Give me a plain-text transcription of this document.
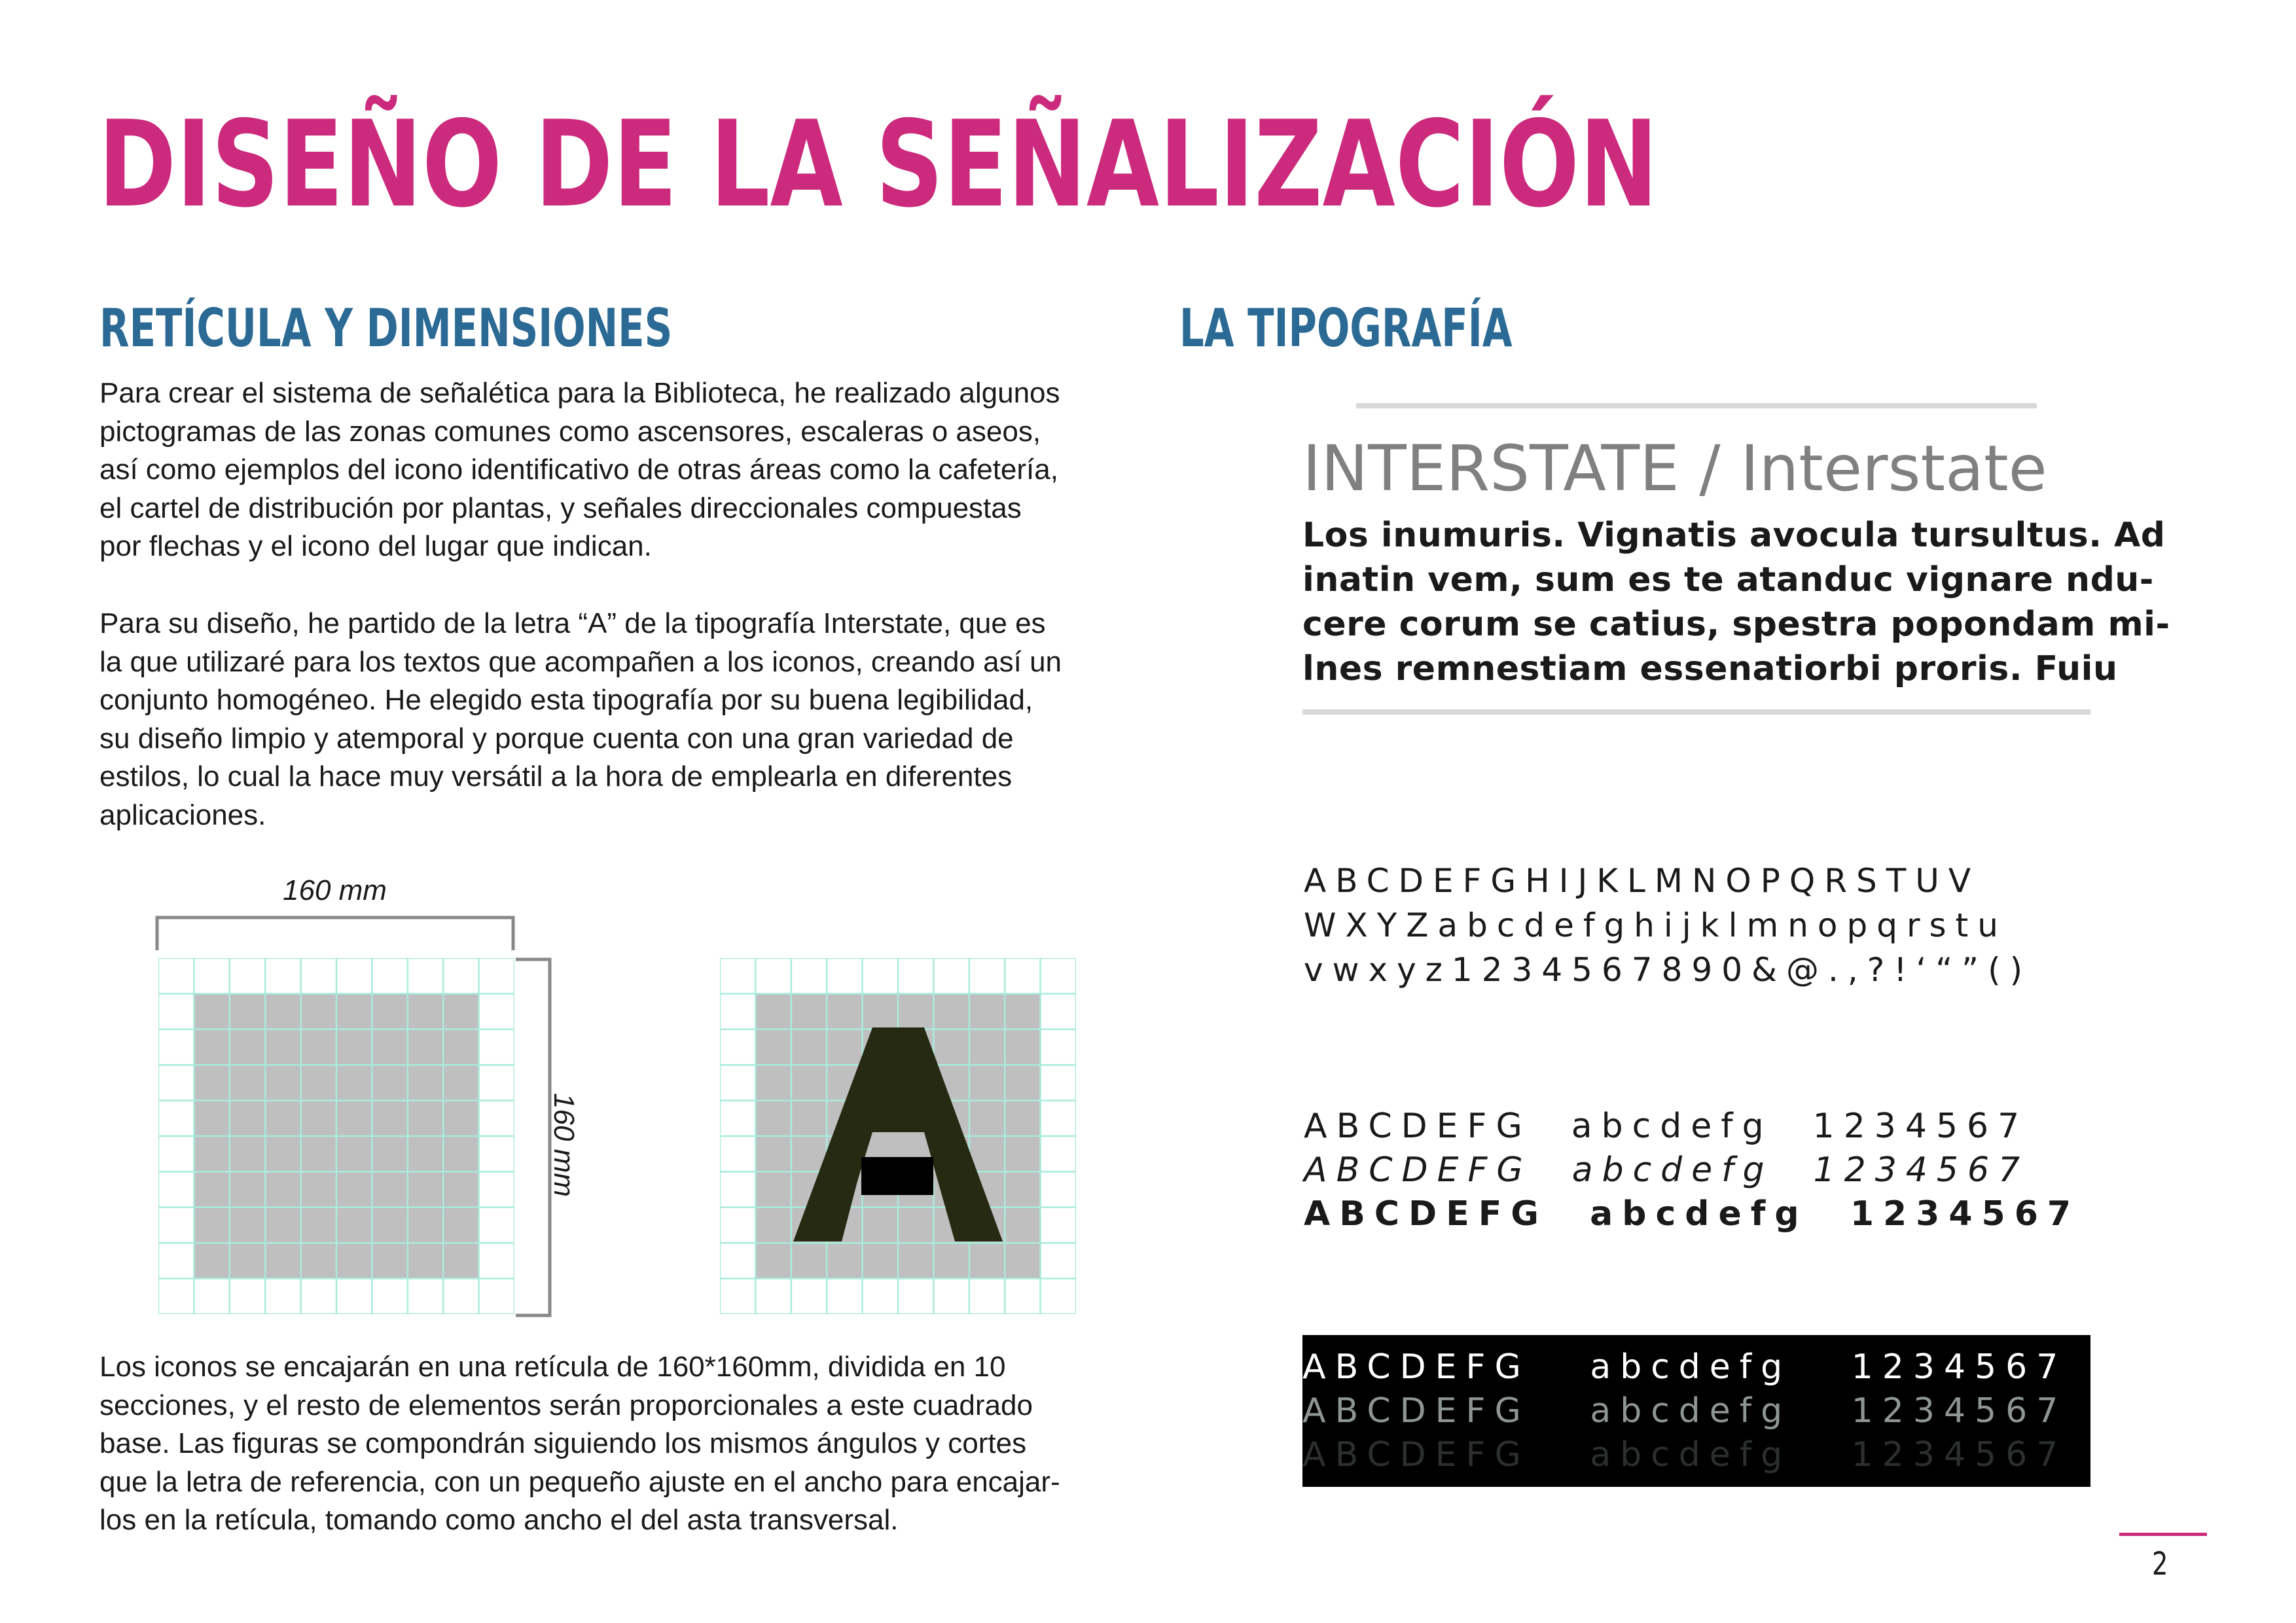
DISEÑO DE LA SEÑALIZACIÓN
RETÍCULA Y DIMENSIONES

Para crear el sistema de señalética para la Biblioteca, he realizado algunos

pictogramas de las zonas comunes como ascensores, escaleras o aseos,

así como ejemplos del icono identificativo de otras áreas como la cafetería,

el cartel de distribución por plantas, y señales direccionales compuestas

por flechas y el icono del lugar que indican.

Para su diseño, he partido de la letra “A” de la tipografía Interstate, que es

la que utilizaré para los textos que acompañen a los iconos, creando así un

conjunto homogéneo. He elegido esta tipografía por su buena legibilidad,

su diseño limpio y atemporal y porque cuenta con una gran variedad de

estilos, lo cual la hace muy versátil a la hora de emplearla en diferentes

aplicaciones.

160 mm
160 mm

Los iconos se encajarán en una retícula de 160*160mm, dividida en 10

secciones, y el resto de elementos serán proporcionales a este cuadrado

base. Las figuras se compondrán siguiendo los mismos ángulos y cortes

que la letra de referencia, con un pequeño ajuste en el ancho para encajar-

los en la retícula, tomando como ancho el del asta transversal.

LA TIPOGRAFÍA
INTERSTATE / Interstate

Los inumuris. Vignatis avocula tursultus. Ad

inatin vem, sum es te atanduc vignare ndu-

cere corum se catius, spestra popondam mi-

lnes remnestiam essenatiorbi proris. Fuiu

ABCDEFGHIJKLMNOPQRSTUV

WXYZabcdefghijklmnopqrstu

vwxyz1234567890&@.,?!‘“”()

ABCDEFG  abcdefg  1234567

ABCDEFG  abcdefg  1234567

ABCDEFG  abcdefg  1234567

ABCDEFG   abcdefg   1234567
ABCDEFG   abcdefg   1234567
ABCDEFG   abcdefg   1234567
2
